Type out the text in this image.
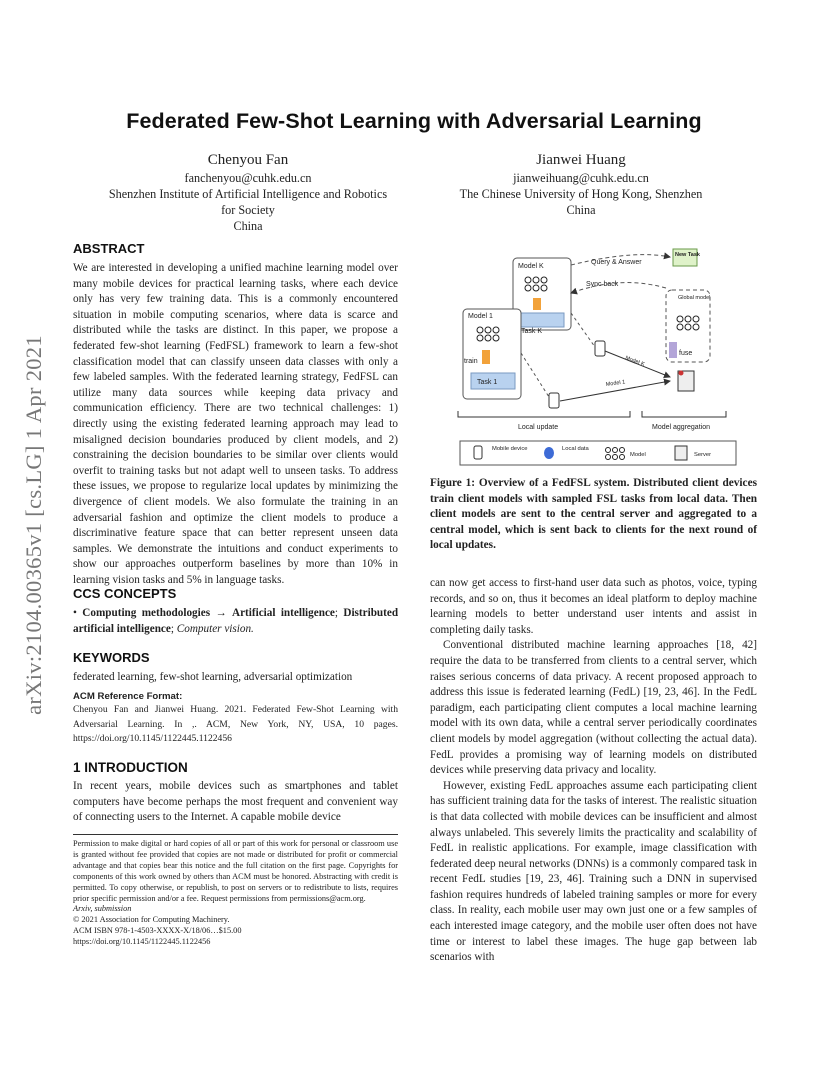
arXiv:2104.00365v1 [cs.LG] 1 Apr 2021
Federated Few-Shot Learning with Adversarial Learning
Chenyou Fan
fanchenyou@cuhk.edu.cn
Shenzhen Institute of Artificial Intelligence and Robotics
for Society
China
Jianwei Huang
jianweihuang@cuhk.edu.cn
The Chinese University of Hong Kong, Shenzhen
China
ABSTRACT
We are interested in developing a unified machine learning model over many mobile devices for practical learning tasks, where each device only has very few training data. This is a commonly encountered situation in mobile computing scenarios, where data is scarce and distributed while the tasks are distinct. In this paper, we propose a federated few-shot learning (FedFSL) framework to learn a few-shot classification model that can classify unseen data classes with only a few labeled samples. With the federated learning strategy, FedFSL can utilize many data sources while keeping data privacy and communication efficiency. There are two technical challenges: 1) directly using the existing federated learning approach may lead to misaligned decision boundaries produced by client models, and 2) constraining the decision boundaries to be similar over clients would overfit to training tasks but not adapt well to unseen tasks. To address these issues, we propose to regularize local updates by minimizing the divergence of client models. We also formulate the training in an adversarial fashion and optimize the client models to produce a discriminative feature space that can better represent unseen data samples. We demonstrate the intuitions and conduct experiments to show our approaches outperform baselines by more than 10% in learning vision tasks and 5% in language tasks.
CCS CONCEPTS
• Computing methodologies → Artificial intelligence; Distributed artificial intelligence; Computer vision.
KEYWORDS
federated learning, few-shot learning, adversarial optimization
ACM Reference Format:
Chenyou Fan and Jianwei Huang. 2021. Federated Few-Shot Learning with Adversarial Learning. In ,. ACM, New York, NY, USA, 10 pages. https://doi.org/10.1145/1122445.1122456
1 INTRODUCTION
In recent years, mobile devices such as smartphones and tablet computers have become perhaps the most frequent and convenient way of connecting users to the Internet. A capable mobile device

Permission to make digital or hard copies of all or part of this work for personal or classroom use is granted without fee provided that copies are not made or distributed for profit or commercial advantage and that copies bear this notice and the full citation on the first page. Copyrights for components of this work owned by others than ACM must be honored. Abstracting with credit is permitted. To copy otherwise, or republish, to post on servers or to redistribute to lists, requires prior specific permission and/or a fee. Request permissions from permissions@acm.org.

Arxiv, submission

© 2021 Association for Computing Machinery.

ACM ISBN 978-1-4503-XXXX-X/18/06…$15.00

https://doi.org/10.1145/1122445.1122456

Model K
Task K
Query & Answer
New Task
Sync back
Model 1
train
Task 1
Global model
fuse
Model K
Model 1
Local update	Model aggregation
Mobile device	Local data
Model	Server
Figure 1: Overview of a FedFSL system. Distributed client devices train client models with sampled FSL tasks from local data. Then client models are sent to the central server and aggregated to a central model, which is sent back to clients for the next round of local updates.

can now get access to first-hand user data such as photos, voice, typing records, and so on, thus it becomes an ideal platform to deploy machine learning models to better understand user intents and assist in completing daily tasks.

Conventional distributed machine learning approaches [18, 42] require the data to be transferred from clients to a central server, which raises serious concerns of data privacy. A recent proposed approach to address this issue is federated learning (FedL) [19, 23, 46]. In the FedL paradigm, each participating client computes a local machine learning model with its own data, while a central server periodically coordinates client models by model aggregation (without collecting the actual data). FedL provides a promising way of learning models on distributed devices while preserving data privacy and locality.

However, existing FedL approaches assume each participating client has sufficient training data for the tasks of interest. The realistic situation is that data collected with mobile devices can be insufficient and almost always unlabeled. This severely limits the practicality and scalability of FedL in realistic applications. For example, image classification with federated deep neural networks (DNNs) is a commonly compared task in recent FedL studies [19, 23, 46]. Training such a DNN in supervised fashion requires hundreds of labeled training samples or more for every class. In reality, each mobile user may own just one or a few samples of each interested image category, and the mobile user often does not have time or interest to label these images. The huge gap between lab scenarios with
